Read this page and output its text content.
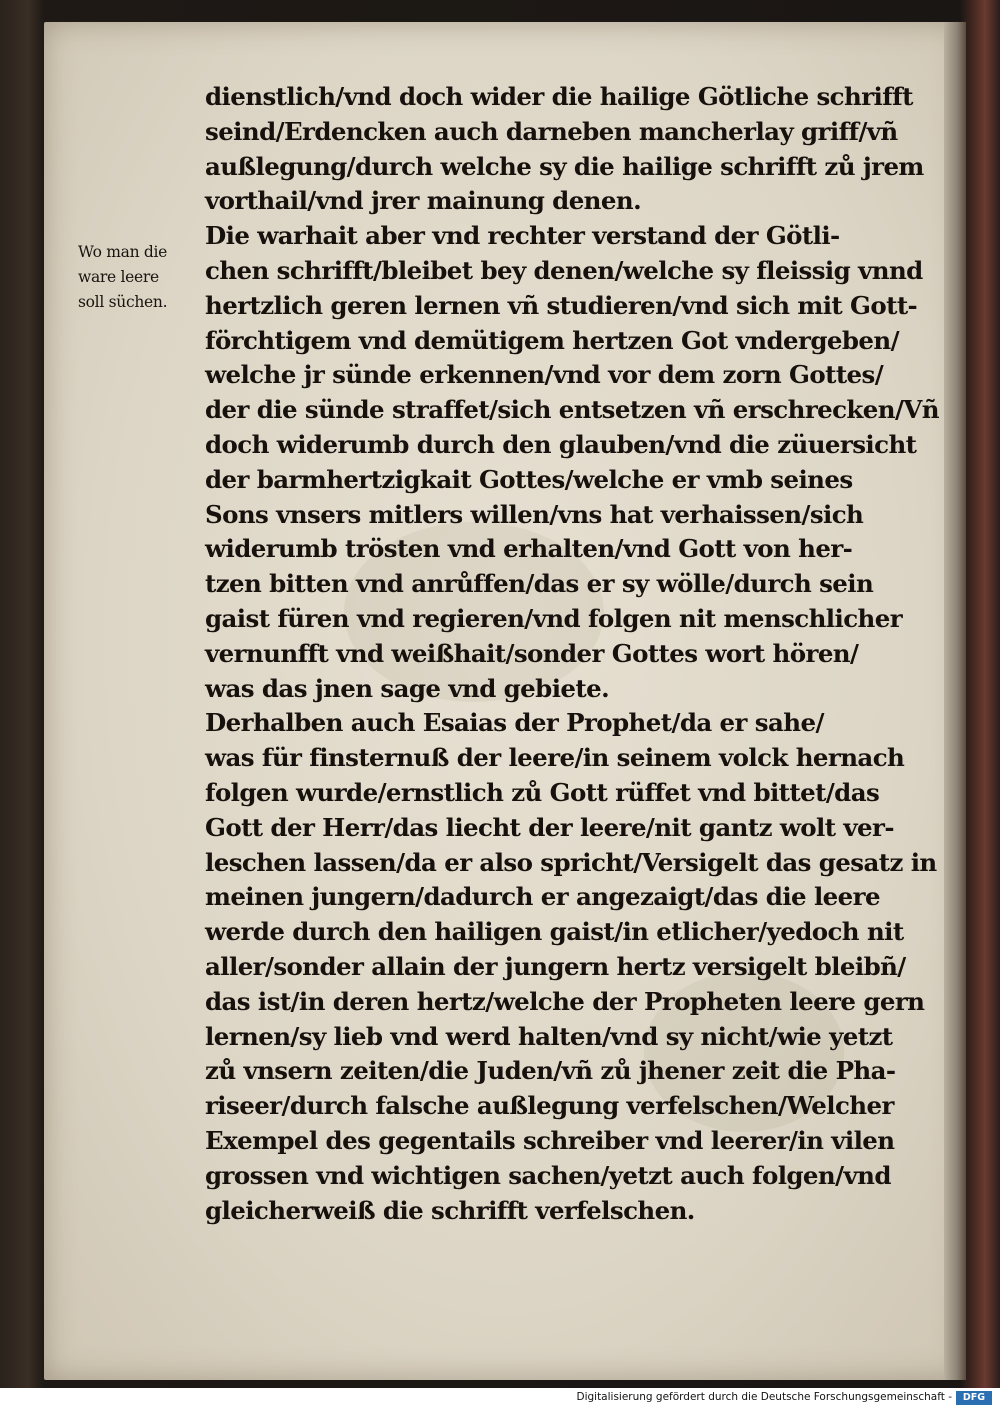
Wo man die
ware leere
soll süchen.
dienstlich/vnd doch wider die hailige Götliche schrifft
seind/Erdencken auch darneben mancherlay griff/vñ
außlegung/durch welche sy die hailige schrifft zů jrem
vorthail/vnd jrer mainung denen.
Die warhait aber vnd rechter verstand der Götli-
chen schrifft/bleibet bey denen/welche sy fleissig vnnd
hertzlich geren lernen vñ studieren/vnd sich mit Gott-
förchtigem vnd demütigem hertzen Got vndergeben/
welche jr sünde erkennen/vnd vor dem zorn Gottes/
der die sünde straffet/sich entsetzen vñ erschrecken/Vñ
doch widerumb durch den glauben/vnd die züuersicht
der barmhertzigkait Gottes/welche er vmb seines
Sons vnsers mitlers willen/vns hat verhaissen/sich
widerumb trösten vnd erhalten/vnd Gott von her-
tzen bitten vnd anrůffen/das er sy wölle/durch sein
gaist füren vnd regieren/vnd folgen nit menschlicher
vernunfft vnd weißhait/sonder Gottes wort hören/
was das jnen sage vnd gebiete.
Derhalben auch Esaias der Prophet/da er sahe/
was für finsternuß der leere/in seinem volck hernach
folgen wurde/ernstlich zů Gott rüffet vnd bittet/das
Gott der Herr/das liecht der leere/nit gantz wolt ver-
leschen lassen/da er also spricht/Versigelt das gesatz in
meinen jungern/dadurch er angezaigt/das die leere
werde durch den hailigen gaist/in etlicher/yedoch nit
aller/sonder allain der jungern hertz versigelt bleibñ/
das ist/in deren hertz/welche der Propheten leere gern
lernen/sy lieb vnd werd halten/vnd sy nicht/wie yetzt
zů vnsern zeiten/die Juden/vñ zů jhener zeit die Pha-
riseer/durch falsche außlegung verfelschen/Welcher
Exempel des gegentails schreiber vnd leerer/in vilen
grossen vnd wichtigen sachen/yetzt auch folgen/vnd
gleicherweiß die schrifft verfelschen.
Digitalisierung gefördert durch die Deutsche Forschungsgemeinschaft -	DFG
